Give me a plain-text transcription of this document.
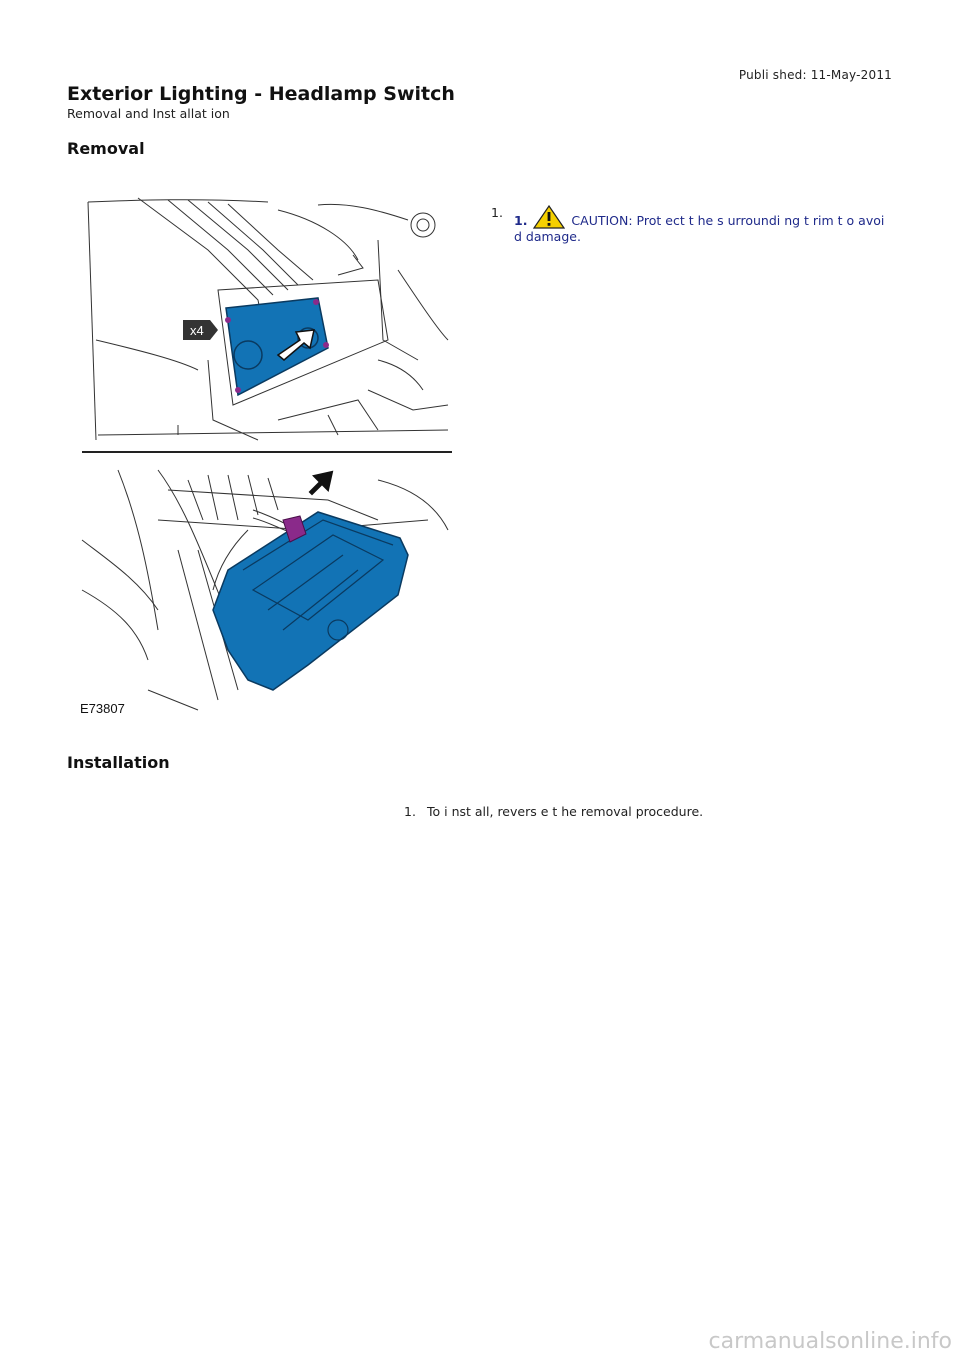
Publi shed: 11-May-2011
Exterior Lighting - Headlamp Switch
Removal and Inst allat ion
Removal
x4
E73807
1.
1.	CAUTION: Prot ect t he s urroundi ng t rim t o avoi d damage.
Installation
1. To i nst all, revers e t he removal procedure.
carmanualsonline.info
